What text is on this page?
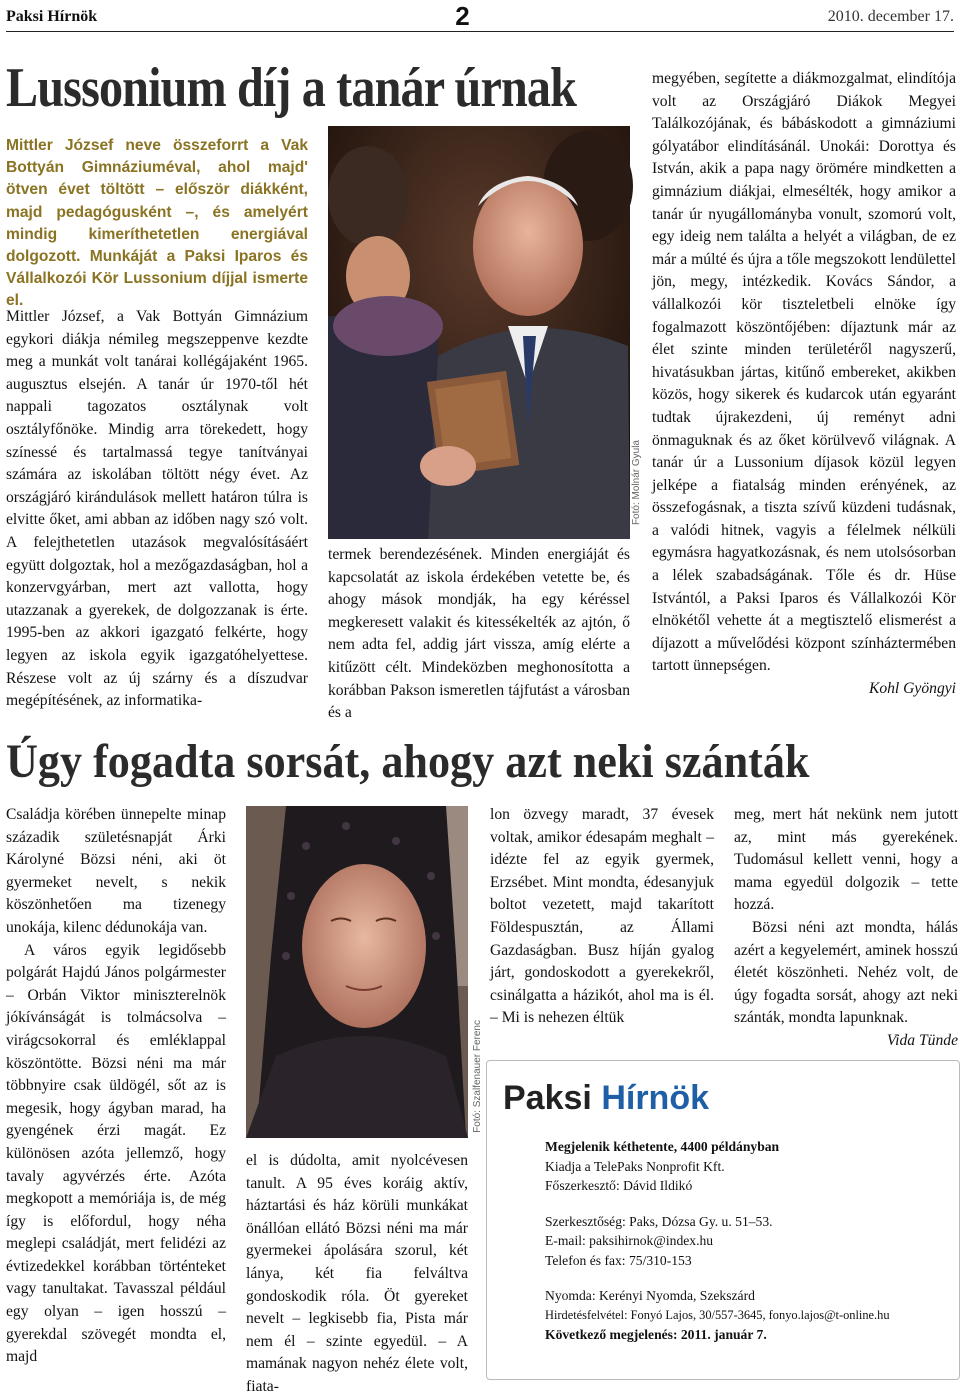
Paksi Hírnök	2	2010. december 17.
Lussonium díj a tanár úrnak
Mittler József neve összeforrt a Vak Bottyán Gimnáziuméval, ahol majd' ötven évet töltött – először diákként, majd pedagógusként –, és amelyért mindig kimeríthetetlen energiával dolgozott. Munkáját a Paksi Iparos és Vállalkozói Kör Lussonium díjjal ismerte el.

Mittler József, a Vak Bottyán Gimnázium egykori diákja némileg megszeppenve kezdte meg a munkát volt tanárai kollégájaként 1965. augusztus elsején. A tanár úr 1970-től hét nappali tagozatos osztálynak volt osztályfőnöke. Mindig arra törekedett, hogy színessé és tartalmassá tegye tanítványai számára az iskolában töltött négy évet. Az országjáró kirándulások mellett határon túlra is elvitte őket, ami abban az időben nagy szó volt. A felejthetetlen utazások megvalósításáért együtt dolgoztak, hol a mezőgazdaságban, hol a konzervgyárban, mert azt vallotta, hogy utazzanak a gyerekek, de dolgozzanak is érte. 1995-ben az akkori igazgató felkérte, hogy legyen az iskola egyik igazgatóhelyettese. Részese volt az új szárny és a díszudvar megépítésének, az informatika-

Fotó: Molnár Gyula

termek berendezésének. Minden energiáját és kapcsolatát az iskola érdekében vetette be, és ahogy mások mondják, ha egy kéréssel megkeresett valakit és kitessékelték az ajtón, ő nem adta fel, addig járt vissza, amíg elérte a kitűzött célt. Mindeközben meghonosította a korábban Pakson ismeretlen tájfutást a városban és a

megyében, segítette a diákmozgalmat, elindítója volt az Országjáró Diákok Megyei Találkozójának, és bábáskodott a gimnáziumi gólyatábor elindításánál. Unokái: Dorottya és István, akik a papa nagy örömére mindketten a gimnázium diákjai, elmesélték, hogy amikor a tanár úr nyugállományba vonult, szomorú volt, egy ideig nem találta a helyét a világban, de ez már a múlté és újra a tőle megszokott lendülettel jön, megy, intézkedik. Kovács Sándor, a vállalkozói kör tiszteletbeli elnöke így fogalmazott köszöntőjében: díjaztunk már az élet szinte minden területéről nagyszerű, hivatásukban jártas, kitűnő embereket, akikben közös, hogy sikerek és kudarcok után egyaránt tudtak újrakezdeni, új reményt adni önmaguknak és az őket körülvevő világnak. A tanár úr a Lussonium díjasok közül legyen jelképe a fiatalság minden erényének, az összefogásnak, a tiszta szívű küzdeni tudásnak, a valódi hitnek, vagyis a félelmek nélküli egymásra hagyatkozásnak, és nem utolsósorban a lélek szabadságának. Tőle és dr. Hüse Istvántól, a Paksi Iparos és Vállalkozói Kör elnökétől vehette át a megtisztelő elismerést a díjazott a művelődési központ színháztermében tartott ünnepségen.

Kohl Gyöngyi
Úgy fogadta sorsát, ahogy azt neki szánták

Családja körében ünnepelte minap századik születésnapját Árki Károlyné Bözsi néni, aki öt gyermeket nevelt, s nekik köszönhetően ma tizenegy unokája, kilenc dédunokája van.

A város egyik legidősebb polgárát Hajdú János polgármester – Orbán Viktor miniszterelnök jókívánságát is tolmácsolva – virágcsokorral és emléklappal köszöntötte. Bözsi néni ma már többnyire csak üldögél, sőt az is megesik, hogy ágyban marad, ha gyengének érzi magát. Ez különösen azóta jellemző, hogy tavaly agyvérzés érte. Azóta megkopott a memóriája is, de még így is előfordul, hogy néha meglepi családját, mert felidézi az évtizedekkel korábban történteket vagy tanultakat. Tavasszal például egy olyan – igen hosszú – gyerekdal szövegét mondta el, majd

Fotó: Szalfenauer Ferenc

el is dúdolta, amit nyolcévesen tanult. A 95 éves koráig aktív, háztartási és ház körüli munkákat önállóan ellátó Bözsi néni ma már gyermekei ápolására szorul, két lánya, két fia felváltva gondoskodik róla. Öt gyereket nevelt – legkisebb fia, Pista már nem él – szinte egyedül. – A mamának nagyon nehéz élete volt, fiata-

lon özvegy maradt, 37 évesek voltak, amikor édesapám meghalt – idézte fel az egyik gyermek, Erzsébet. Mint mondta, édesanyjuk boltot vezetett, majd takarított Földespusztán, az Állami Gazdaságban. Busz híján gyalog járt, gondoskodott a gyerekekről, csinálgatta a házikót, ahol ma is él. – Mi is nehezen éltük

meg, mert hát nekünk nem jutott az, mint más gyerekének. Tudomásul kellett venni, hogy a mama egyedül dolgozik – tette hozzá.

Bözsi néni azt mondta, hálás azért a kegyelemért, aminek hosszú életét köszönheti. Nehéz volt, de úgy fogadta sorsát, ahogy azt neki szánták, mondta lapunknak.

Vida Tünde
Paksi Hírnök
Megjelenik kéthetente, 4400 példányban
Kiadja a TelePaks Nonprofit Kft.
Főszerkesztő: Dávid Ildikó
Szerkesztőség: Paks, Dózsa Gy. u. 51–53.
E-mail: paksihirnok@index.hu
Telefon és fax: 75/310-153
Nyomda: Kerényi Nyomda, Szekszárd
Hirdetésfelvétel: Fonyó Lajos, 30/557-3645, fonyo.lajos@t-online.hu
Következő megjelenés: 2011. január 7.
